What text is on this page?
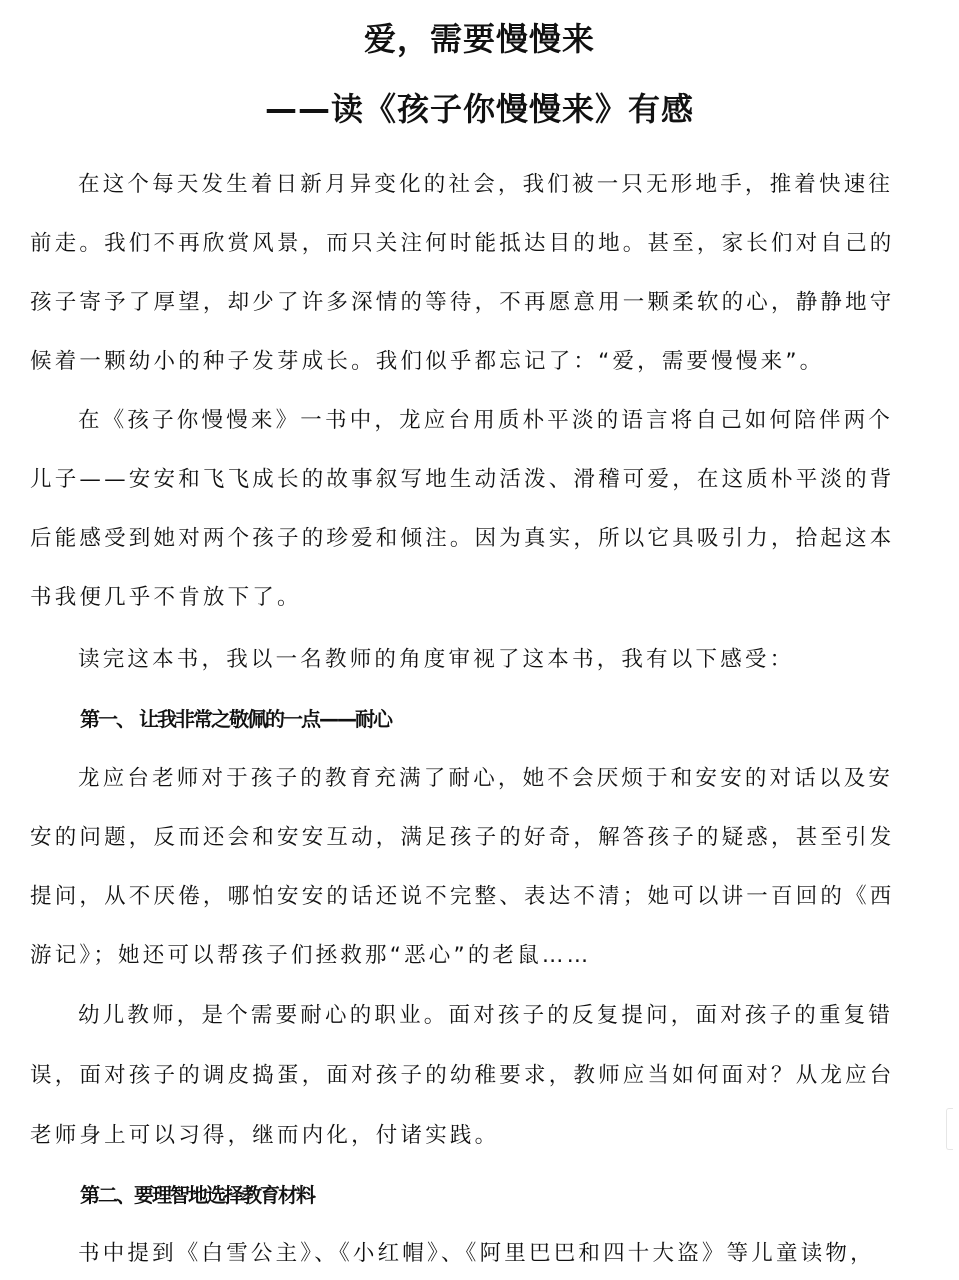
爱，需要慢慢来
——读《孩子你慢慢来》有感
在这个每天发生着日新月异变化的社会，我们被一只无形地手，推着快速往
前走。我们不再欣赏风景，而只关注何时能抵达目的地。甚至，家长们对自己的
孩子寄予了厚望，却少了许多深情的等待，不再愿意用一颗柔软的心，静静地守
候着一颗幼小的种子发芽成长。我们似乎都忘记了：“爱，需要慢慢来”。
在《孩子你慢慢来》一书中，龙应台用质朴平淡的语言将自己如何陪伴两个
儿子——安安和飞飞成长的故事叙写地生动活泼、滑稽可爱，在这质朴平淡的背
后能感受到她对两个孩子的珍爱和倾注。因为真实，所以它具吸引力，拾起这本
书我便几乎不肯放下了。
读完这本书，我以一名教师的角度审视了这本书，我有以下感受：
第一、 让我非常之敬佩的一点——耐心
龙应台老师对于孩子的教育充满了耐心，她不会厌烦于和安安的对话以及安
安的问题，反而还会和安安互动，满足孩子的好奇，解答孩子的疑惑，甚至引发
提问，从不厌倦，哪怕安安的话还说不完整、表达不清；她可以讲一百回的《西
游记》；她还可以帮孩子们拯救那“恶心”的老鼠……
幼儿教师，是个需要耐心的职业。面对孩子的反复提问，面对孩子的重复错
误，面对孩子的调皮捣蛋，面对孩子的幼稚要求，教师应当如何面对？从龙应台
老师身上可以习得，继而内化，付诸实践。
第二、要理智地选择教育材料
书中提到《白雪公主》、《小红帽》、《阿里巴巴和四十大盗》等儿童读物，
